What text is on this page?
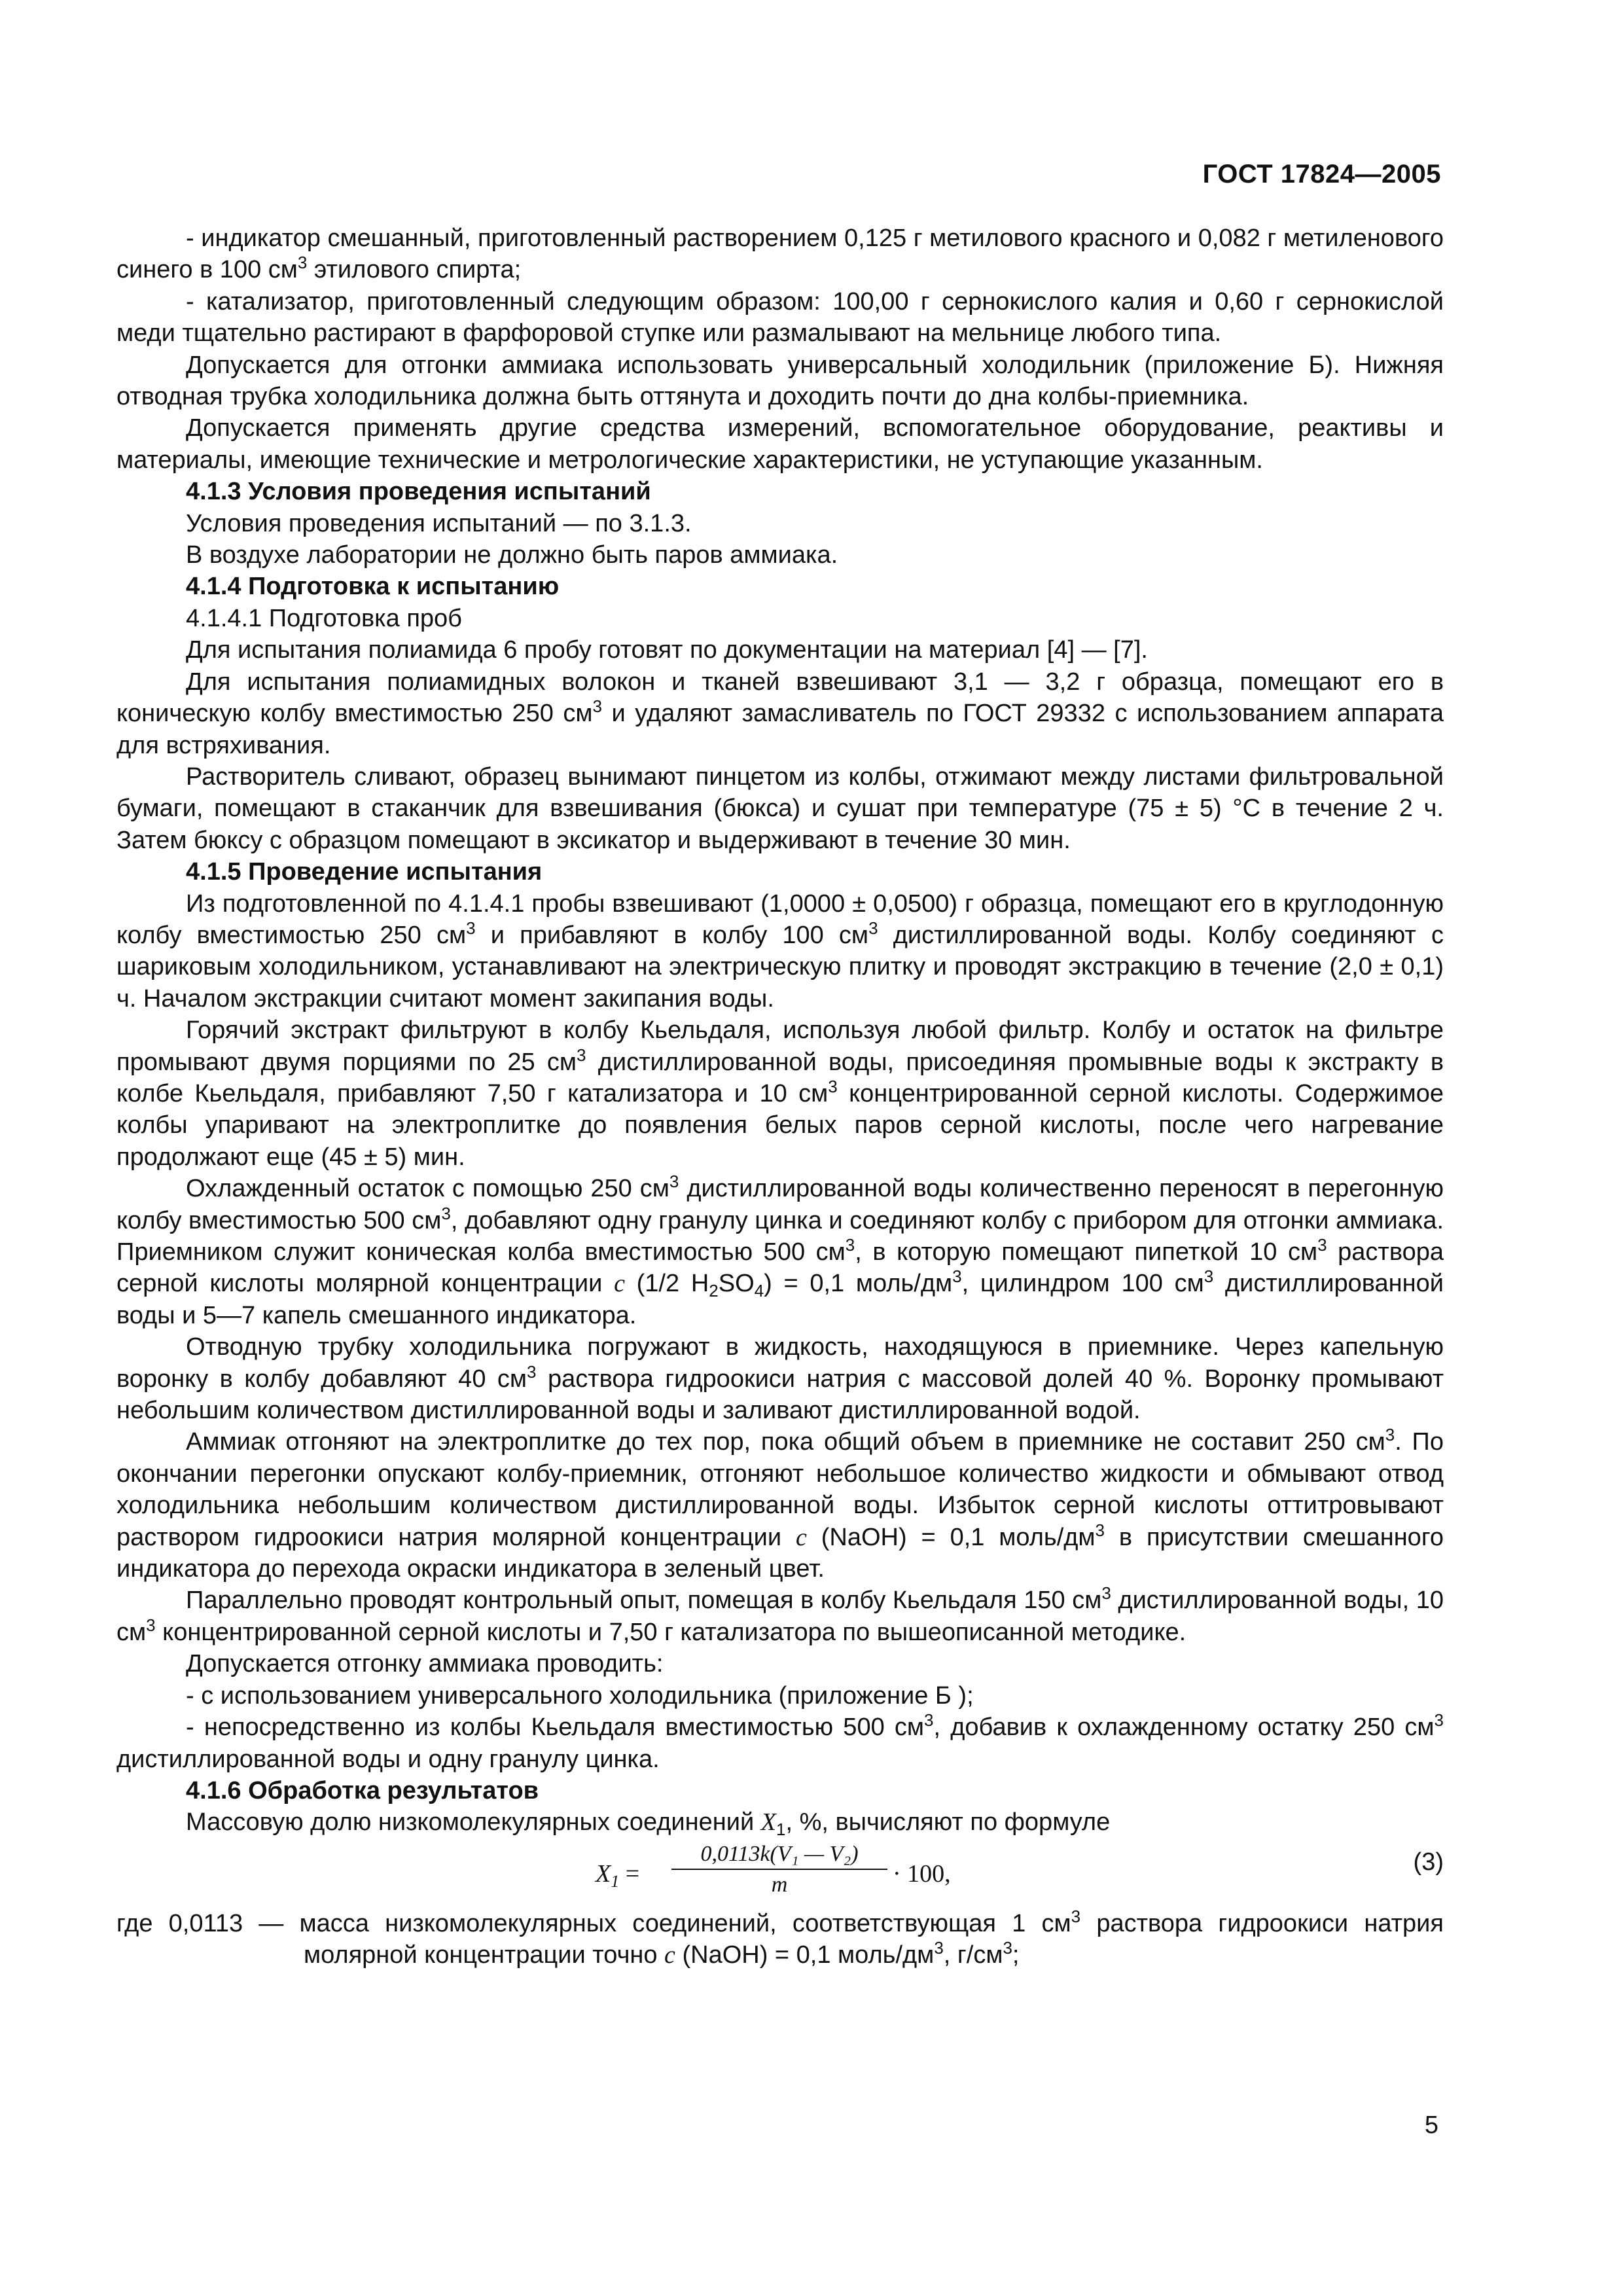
ГОСТ 17824—2005

- индикатор смешанный, приготовленный растворением 0,125 г метилового красного и 0,082 г метиленового синего в 100 $см^3$ этилового спирта;

- катализатор, приготовленный следующим образом: 100,00 г сернокислого калия и 0,60 г сернокислой меди тщательно растирают в фарфоровой ступке или размалывают на мельнице любого типа.

Допускается для отгонки аммиака использовать универсальный холодильник (приложение Б). Нижняя отводная трубка холодильника должна быть оттянута и доходить почти до дна колбы-приемника.

Допускается применять другие средства измерений, вспомогательное оборудование, реактивы и материалы, имеющие технические и метрологические характеристики, не уступающие указанным.

4.1.3 Условия проведения испытаний

Условия проведения испытаний — по 3.1.3.

В воздухе лаборатории не должно быть паров аммиака.

4.1.4 Подготовка к испытанию

4.1.4.1 Подготовка проб

Для испытания полиамида 6 пробу готовят по документации на материал [4] — [7].

Для испытания полиамидных волокон и тканей взвешивают 3,1 — 3,2 г образца, помещают его в коническую колбу вместимостью 250 $см^3$ и удаляют замасливатель по ГОСТ 29332 с использованием аппарата для встряхивания.

Растворитель сливают, образец вынимают пинцетом из колбы, отжимают между листами фильтровальной бумаги, помещают в стаканчик для взвешивания (бюкса) и сушат при температуре (75 ± 5) °С в течение 2 ч. Затем бюксу с образцом помещают в эксикатор и выдерживают в течение 30 мин.

4.1.5 Проведение испытания

Из подготовленной по 4.1.4.1 пробы взвешивают (1,0000 ± 0,0500) г образца, помещают его в круглодонную колбу вместимостью 250 $см^3$ и прибавляют в колбу 100 $см^3$ дистиллированной воды. Колбу соединяют с шариковым холодильником, устанавливают на электрическую плитку и проводят экстракцию в течение (2,0 ± 0,1) ч. Началом экстракции считают момент закипания воды.

Горячий экстракт фильтруют в колбу Кьельдаля, используя любой фильтр. Колбу и остаток на фильтре промывают двумя порциями по 25 $см^3$ дистиллированной воды, присоединяя промывные воды к экстракту в колбе Кьельдаля, прибавляют 7,50 г катализатора и 10 $см^3$ концентрированной серной кислоты. Содержимое колбы упаривают на электроплитке до появления белых паров серной кислоты, после чего нагревание продолжают еще (45 ± 5) мин.

Охлажденный остаток с помощью 250 $см^3$ дистиллированной воды количественно переносят в перегонную колбу вместимостью 500 $см^3$, добавляют одну гранулу цинка и соединяют колбу с прибором для отгонки аммиака. Приемником служит коническая колба вместимостью 500 $см^3$, в которую помещают пипеткой 10 $см^3$ раствора серной кислоты молярной концентрации с (1/2 $H_2SO_4) = 0,1$ моль/$дм^3$, цилиндром 100 $см^3$ дистиллированной воды и 5—7 капель смешанного индикатора.

Отводную трубку холодильника погружают в жидкость, находящуюся в приемнике. Через капельную воронку в колбу добавляют 40 $см^3$ раствора гидроокиси натрия с массовой долей 40 %. Воронку промывают небольшим количеством дистиллированной воды и заливают дистиллированной водой.

Аммиак отгоняют на электроплитке до тех пор, пока общий объем в приемнике не составит 250 $см^3$. По окончании перегонки опускают колбу-приемник, отгоняют небольшое количество жидкости и обмывают отвод холодильника небольшим количеством дистиллированной воды. Избыток серной кислоты оттитровывают раствором гидроокиси натрия молярной концентрации с (NaOH) = 0,1 моль/$дм^3$ в присутствии смешанного индикатора до перехода окраски индикатора в зеленый цвет.

Параллельно проводят контрольный опыт, помещая в колбу Кьельдаля 150 $см^3$ дистиллированной воды, 10 $см^3$ концентрированной серной кислоты и 7,50 г катализатора по вышеописанной методике.

Допускается отгонку аммиака проводить:

- с использованием универсального холодильника (приложение Б );

- непосредственно из колбы Кьельдаля вместимостью 500 $см^3$, добавив к охлажденному остатку 250 $см^3$ дистиллированной воды и одну гранулу цинка.

4.1.6 Обработка результатов

Массовую долю низкомолекулярных соединений $X_1$, %, вычисляют по формуле

$X_1 = \frac{\text{0,0113k(V₁ — V₂)}}{m} \cdot 100$,	(3)

где 0,0113 — масса низкомолекулярных соединений, соответствующая 1 $см^3$ раствора гидроокиси натрия молярной концентрации точно с (NaOH) = 0,1 моль/$дм^3$, $г/см^3$;

5
